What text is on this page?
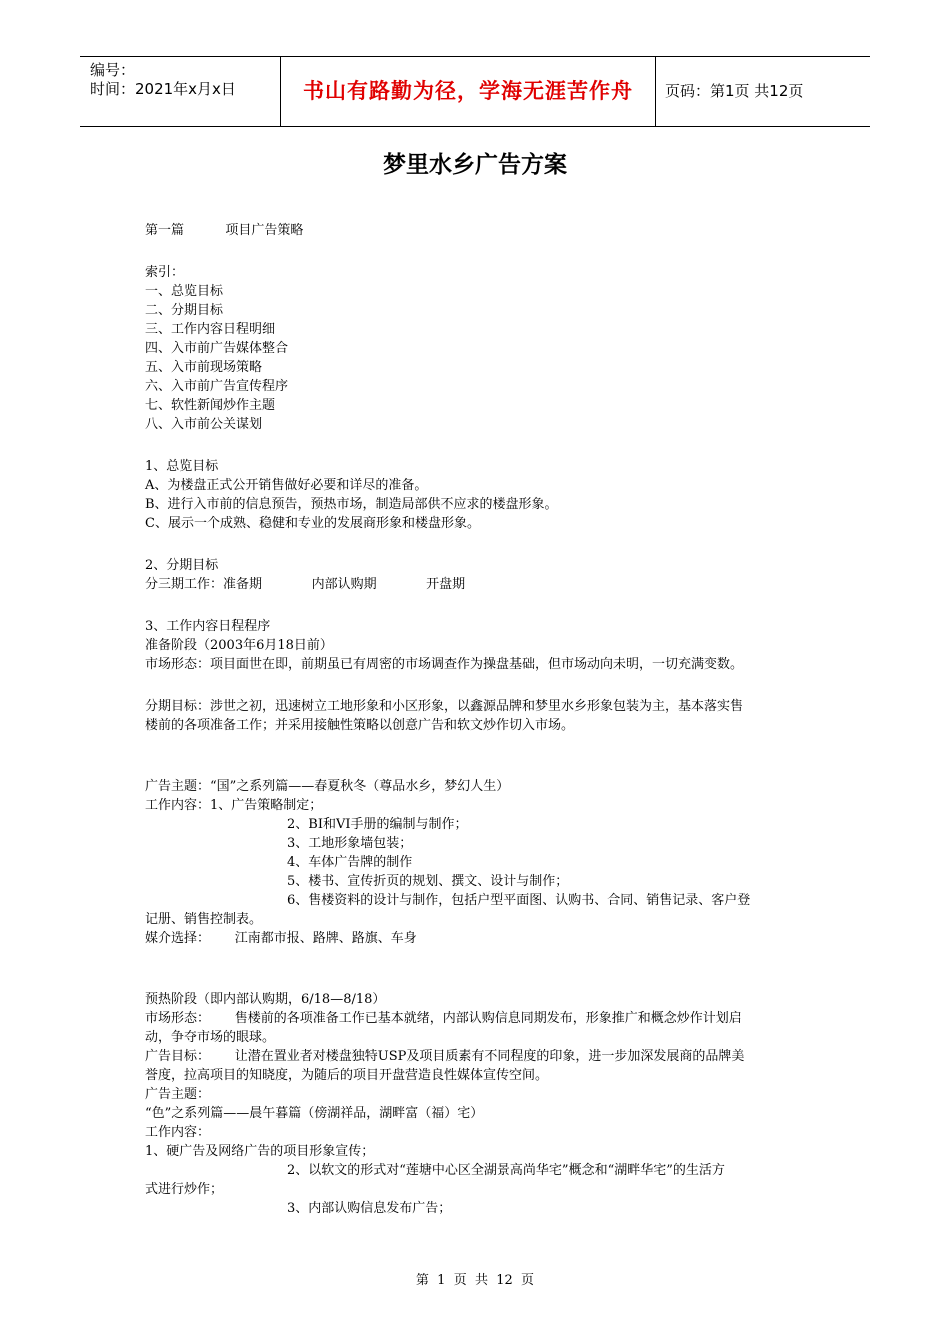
编号：
时间：2021年x月x日	书山有路勤为径，学海无涯苦作舟	页码：第1页 共12页
梦里水乡广告方案
第一篇          项目广告策略
索引：
一、总览目标
二、分期目标
三、工作内容日程明细
四、入市前广告媒体整合
五、入市前现场策略
六、入市前广告宣传程序
七、软性新闻炒作主题
八、入市前公关谋划
1、总览目标
A、为楼盘正式公开销售做好必要和详尽的准备。
B、进行入市前的信息预告，预热市场，制造局部供不应求的楼盘形象。
C、展示一个成熟、稳健和专业的发展商形象和楼盘形象。
2、分期目标
分三期工作：准备期            内部认购期            开盘期
3、工作内容日程程序
准备阶段（2003年6月18日前）
市场形态：项目面世在即，前期虽已有周密的市场调查作为操盘基础，但市场动向未明，一切充满变数。
分期目标：涉世之初，迅速树立工地形象和小区形象，以鑫源品牌和梦里水乡形象包装为主，基本落实售
楼前的各项准备工作；并采用接触性策略以创意广告和软文炒作切入市场。
广告主题：“国”之系列篇——春夏秋冬（尊品水乡，梦幻人生）
工作内容：1、广告策略制定；
2、BI和VI手册的编制与制作；
3、工地形象墙包装；
4、车体广告牌的制作
5、楼书、宣传折页的规划、撰文、设计与制作；
6、售楼资料的设计与制作，包括户型平面图、认购书、合同、销售记录、客户登
记册、销售控制表。
媒介选择：      江南都市报、路牌、路旗、车身
预热阶段（即内部认购期，6/18—8/18）
市场形态：      售楼前的各项准备工作已基本就绪，内部认购信息同期发布，形象推广和概念炒作计划启
动，争夺市场的眼球。
广告目标：      让潜在置业者对楼盘独特USP及项目质素有不同程度的印象，进一步加深发展商的品牌美
誉度，拉高项目的知晓度，为随后的项目开盘营造良性媒体宣传空间。
广告主题：
“色”之系列篇——晨午暮篇（傍湖祥品，湖畔富（福）宅）
工作内容：
1、硬广告及网络广告的项目形象宣传；
2、以软文的形式对“莲塘中心区全湖景高尚华宅”概念和“湖畔华宅”的生活方
式进行炒作；
3、内部认购信息发布广告；
第  1  页  共  12  页
